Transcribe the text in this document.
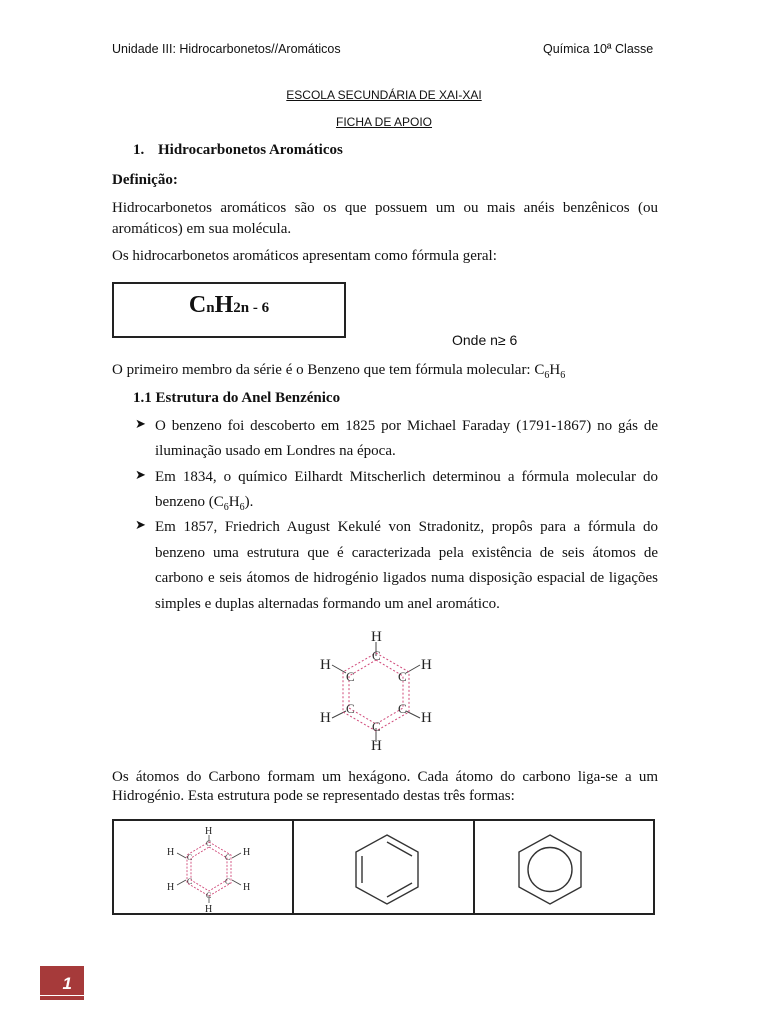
Unidade III: Hidrocarbonetos//Aromáticos	Química 10ª Classe
ESCOLA SECUNDÁRIA DE XAI-XAI
FICHA DE APOIO
1. Hidrocarbonetos Aromáticos
Definição:
Hidrocarbonetos aromáticos são os que possuem um ou mais anéis benzênicos (ou aromáticos) em sua molécula.
Os hidrocarbonetos aromáticos apresentam como fórmula geral:
CnH2n - 6
Onde n≥ 6
O primeiro membro da série é o Benzeno que tem fórmula molecular: $C_6H_6$
1.1 Estrutura do Anel Benzénico
➤ O benzeno foi descoberto em 1825 por Michael Faraday (1791-1867) no gás de iluminação usado em Londres na época.
➤ Em 1834, o químico Eilhardt Mitscherlich determinou a fórmula molecular do benzeno $(C_6H_6)$.
➤ Em 1857, Friedrich August Kekulé von Stradonitz, propôs para a fórmula do benzeno uma estrutura que é caracterizada pela existência de seis átomos de carbono e seis átomos de hidrogénio ligados numa disposição espacial de ligações simples e duplas alternadas formando um anel aromático.
H
H
H	H
H	H
C
C
C	C
C	C
Os átomos do Carbono formam um hexágono. Cada átomo do carbono liga-se a um Hidrogénio. Esta estrutura pode se representado destas três formas:
H
H
H	H
H	H
C
C
C	C
C	C
1
